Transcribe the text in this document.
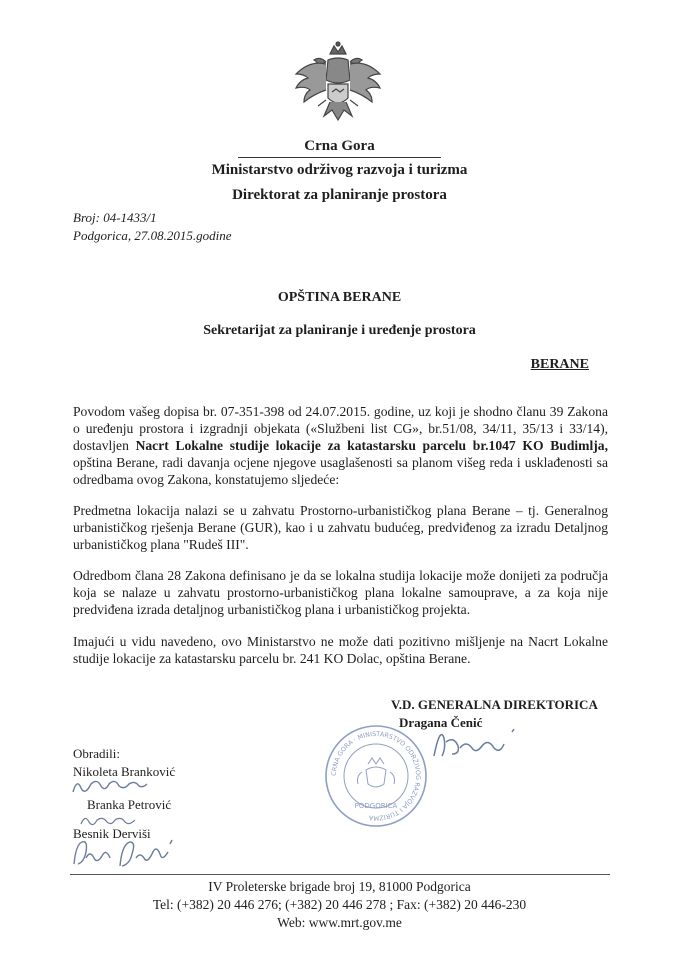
Crna Gora
Ministarstvo održivog razvoja i turizma
Direktorat za planiranje prostora
Broj: 04-1433/1
Podgorica, 27.08.2015.godine
OPŠTINA BERANE
Sekretarijat za planiranje i uređenje prostora
BERANE

Povodom vašeg dopisa br. 07-351-398 od 24.07.2015. godine, uz koji je shodno članu 39 Zakona o uređenju prostora i izgradnji objekata («Službeni list CG», br.51/08, 34/11, 35/13 i 33/14), dostavljen Nacrt Lokalne studije lokacije za katastarsku parcelu br.1047 KO Budimlja, opština Berane, radi davanja ocjene njegove usaglašenosti sa planom višeg reda i usklađenosti sa odredbama ovog Zakona, konstatujemo sljedeće:

Predmetna lokacija nalazi se u zahvatu Prostorno-urbanističkog plana Berane – tj. Generalnog urbanističkog rješenja Berane (GUR), kao i u zahvatu budućeg, predviđenog za izradu Detaljnog urbanističkog plana "Rudeš III".

Odredbom člana 28 Zakona definisano je da se lokalna studija lokacije može donijeti za područja koja se nalaze u zahvatu prostorno-urbanističkog plana lokalne samouprave, a za koja nije predviđena izrada detaljnog urbanističkog plana i urbanističkog projekta.

Imajući u vidu navedeno, ovo Ministarstvo ne može dati pozitivno mišljenje na Nacrt Lokalne studije lokacije za katastarsku parcelu br. 241 KO Dolac, opština Berane.

V.D. GENERALNA DIREKTORICA
Dragana Čenić
CRNA GORA · MINISTARSTVO ODRŽIVOG RAZVOJA I TURIZMA
PODGORICA
Obradili:
Nikoleta Branković
Branka Petrović
Besnik Derviši
IV Proleterske brigade broj 19, 81000 Podgorica
Tel: (+382) 20 446 276; (+382) 20 446 278 ; Fax: (+382) 20 446-230
Web: www.mrt.gov.me
